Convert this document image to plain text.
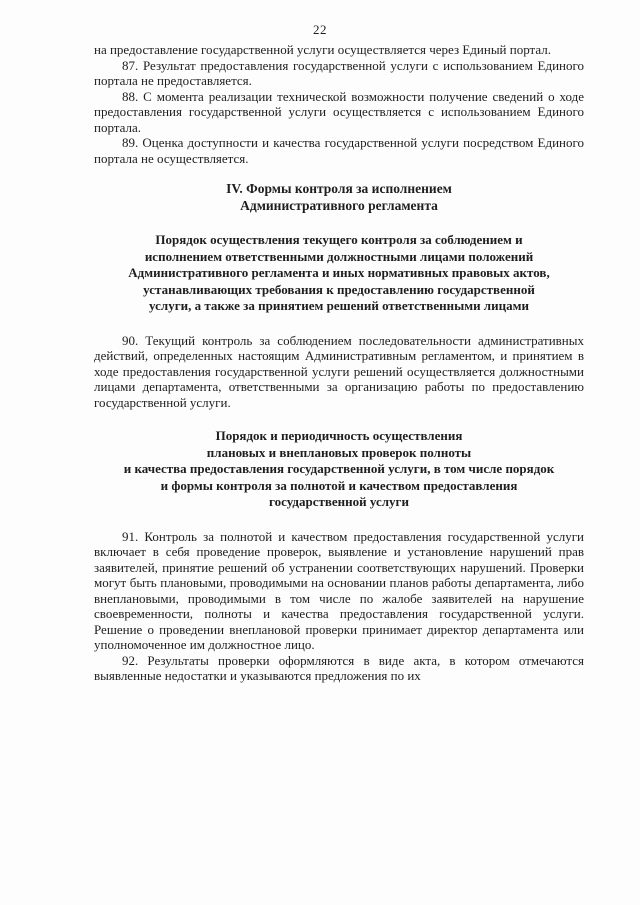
22

на предоставление государственной услуги осуществляется через Единый портал.

87. Результат предоставления государственной услуги с использованием Единого портала не предоставляется.

88. С момента реализации технической возможности получение сведений о ходе предоставления государственной услуги осуществляется с использованием Единого портала.

89. Оценка доступности и качества государственной услуги посредством Единого портала не осуществляется.

IV. Формы контроля за исполнением
Административного регламента
Порядок осуществления текущего контроля за соблюдением и
исполнением ответственными должностными лицами положений
Административного регламента и иных нормативных правовых актов,
устанавливающих требования к предоставлению государственной
услуги, а также за принятием решений ответственными лицами

90. Текущий контроль за соблюдением последовательности административных действий, определенных настоящим Административным регламентом, и принятием в ходе предоставления государственной услуги решений осуществляется должностными лицами департамента, ответственными за организацию работы по предоставлению государственной услуги.

Порядок и периодичность осуществления
плановых и внеплановых проверок полноты
и качества предоставления государственной услуги, в том числе порядок
и формы контроля за полнотой и качеством предоставления
государственной услуги

91. Контроль за полнотой и качеством предоставления государственной услуги включает в себя проведение проверок, выявление и установление нарушений прав заявителей, принятие решений об устранении соответствующих нарушений. Проверки могут быть плановыми, проводимыми на основании планов работы департамента, либо внеплановыми, проводимыми в том числе по жалобе заявителей на нарушение своевременности, полноты и качества предоставления государственной услуги. Решение о проведении внеплановой проверки принимает директор департамента или уполномоченное им должностное лицо.

92. Результаты проверки оформляются в виде акта, в котором отмечаются выявленные недостатки и указываются предложения по их
